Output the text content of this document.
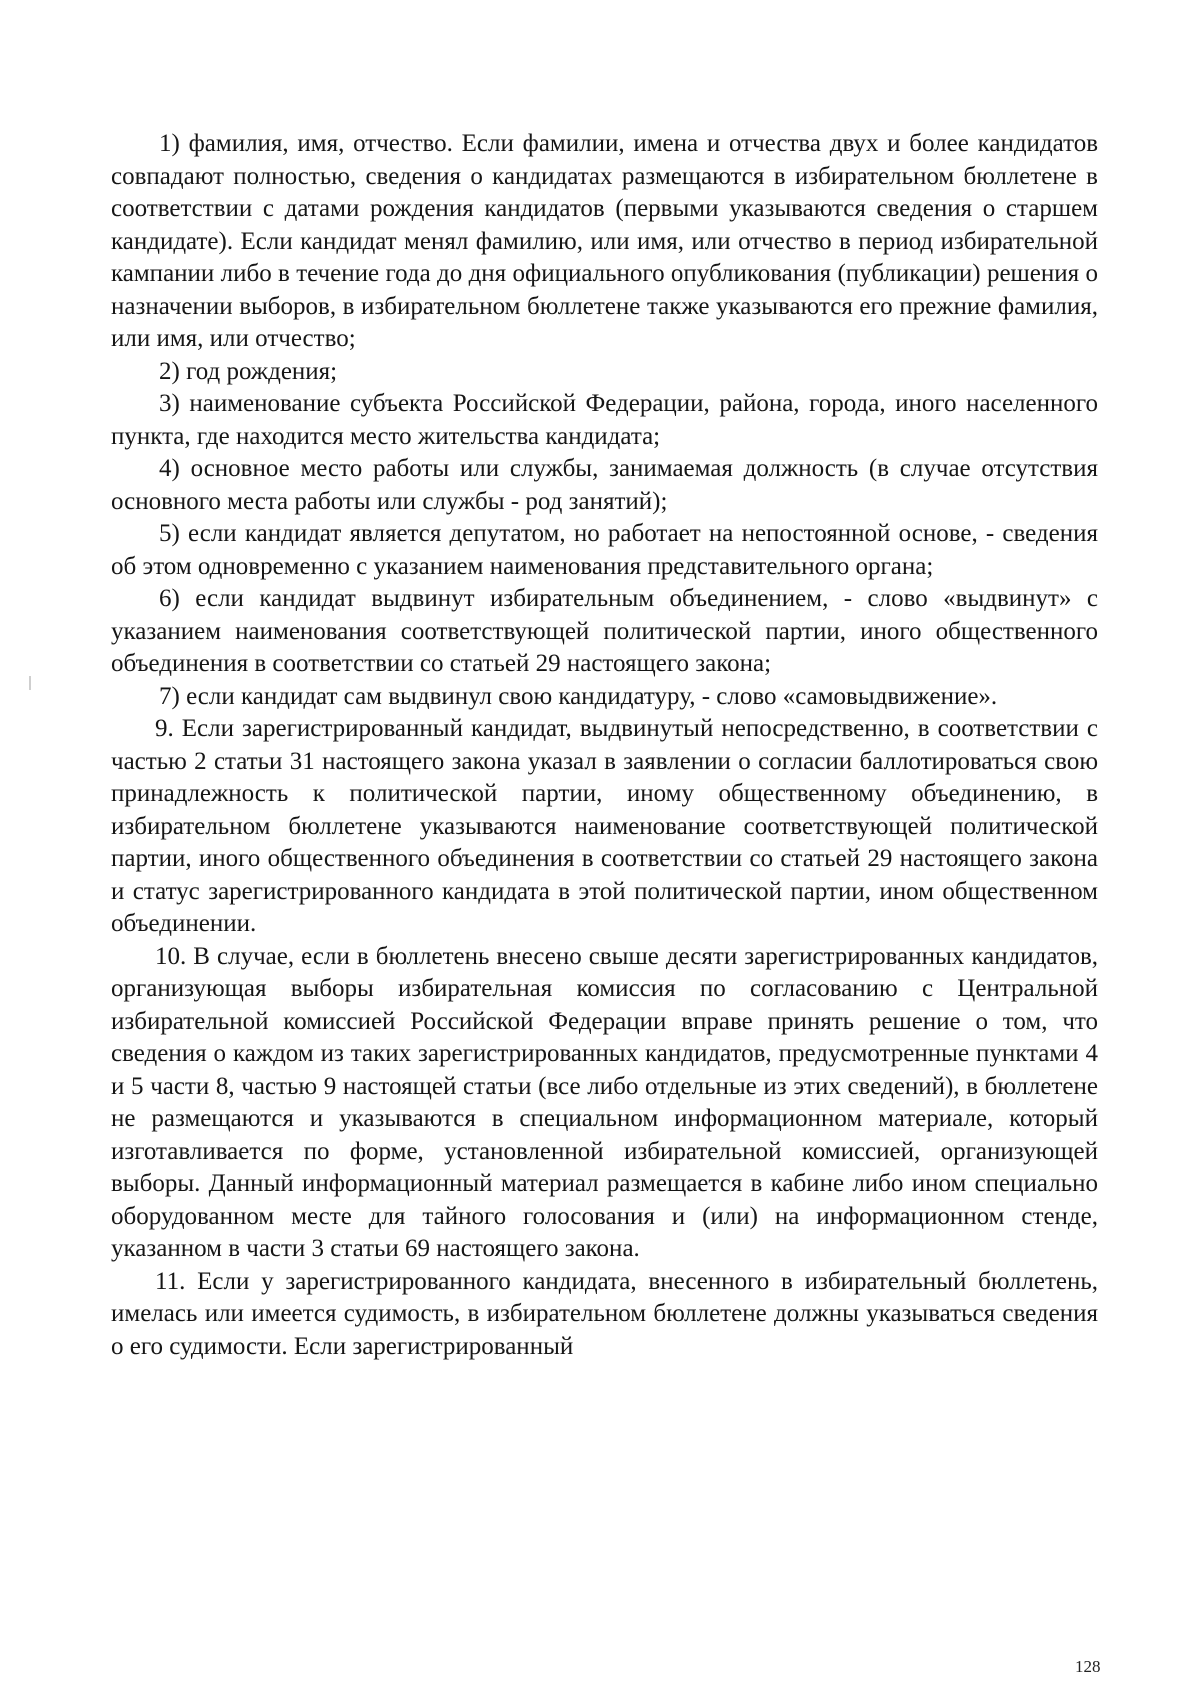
1) фамилия, имя, отчество. Если фамилии, имена и отчества двух и более кандидатов совпадают полностью, сведения о кандидатах размещаются в избирательном бюллетене в соответствии с датами рождения кандидатов (первыми указываются сведения о старшем кандидате). Если кандидат менял фамилию, или имя, или отчество в период избирательной кампании либо в течение года до дня официального опубликования (публикации) решения о назначении выборов, в избирательном бюллетене также указываются его прежние фамилия, или имя, или отчество;

2) год рождения;

3) наименование субъекта Российской Федерации, района, города, иного населенного пункта, где находится место жительства кандидата;

4) основное место работы или службы, занимаемая должность (в случае отсутствия основного места работы или службы - род занятий);

5) если кандидат является депутатом, но работает на непостоянной основе, - сведения об этом одновременно с указанием наименования представительного органа;

6) если кандидат выдвинут избирательным объединением, - слово «выдвинут» с указанием наименования соответствующей политической партии, иного общественного объединения в соответствии со статьей 29 настоящего закона;

7) если кандидат сам выдвинул свою кандидатуру, - слово «самовыдвижение».

9. Если зарегистрированный кандидат, выдвинутый непосредственно, в соответствии с частью 2 статьи 31 настоящего закона указал в заявлении о согласии баллотироваться свою принадлежность к политической партии, иному общественному объединению, в избирательном бюллетене указываются наименование соответствующей политической партии, иного общественного объединения в соответствии со статьей 29 настоящего закона и статус зарегистрированного кандидата в этой политической партии, ином общественном объединении.

10. В случае, если в бюллетень внесено свыше десяти зарегистрированных кандидатов, организующая выборы избирательная комиссия по согласованию с Центральной избирательной комиссией Российской Федерации вправе принять решение о том, что сведения о каждом из таких зарегистрированных кандидатов, предусмотренные пунктами 4 и 5 части 8, частью 9 настоящей статьи (все либо отдельные из этих сведений), в бюллетене не размещаются и указываются в специальном информационном материале, который изготавливается по форме, установленной избирательной комиссией, организующей выборы. Данный информационный материал размещается в кабине либо ином специально оборудованном месте для тайного голосования и (или) на информационном стенде, указанном в части 3 статьи 69 настоящего закона.

11. Если у зарегистрированного кандидата, внесенного в избирательный бюллетень, имелась или имеется судимость, в избирательном бюллетене должны указываться сведения о его судимости. Если зарегистрированный

128
